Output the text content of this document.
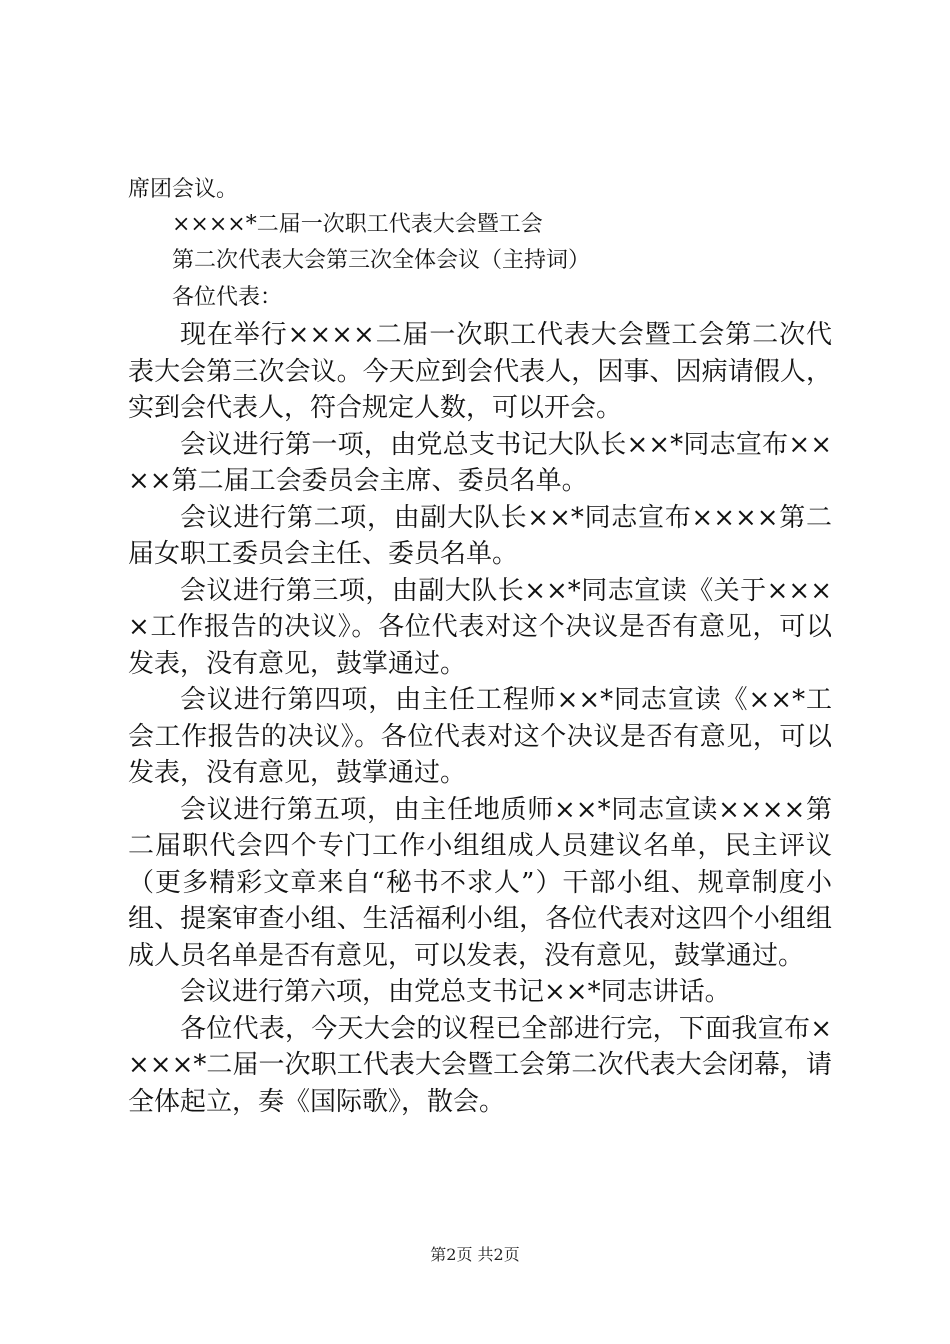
席团会议。
××××*二届一次职工代表大会暨工会
第二次代表大会第三次全体会议（主持词）
各位代表：
现在举行××××二届一次职工代表大会暨工会第二次代
表大会第三次会议。今天应到会代表人，因事、因病请假人，
实到会代表人，符合规定人数，可以开会。
会议进行第一项，由党总支书记大队长××*同志宣布××
××第二届工会委员会主席、委员名单。
会议进行第二项，由副大队长××*同志宣布××××第二
届女职工委员会主任、委员名单。
会议进行第三项，由副大队长××*同志宣读《关于×××
×工作报告的决议》。各位代表对这个决议是否有意见，可以
发表，没有意见，鼓掌通过。
会议进行第四项，由主任工程师××*同志宣读《××*工
会工作报告的决议》。各位代表对这个决议是否有意见，可以
发表，没有意见，鼓掌通过。
会议进行第五项，由主任地质师××*同志宣读××××第
二届职代会四个专门工作小组组成人员建议名单，民主评议
（更多精彩文章来自“秘书不求人”）干部小组、规章制度小
组、提案审查小组、生活福利小组，各位代表对这四个小组组
成人员名单是否有意见，可以发表，没有意见，鼓掌通过。
会议进行第六项，由党总支书记××*同志讲话。
各位代表，今天大会的议程已全部进行完，下面我宣布×
×××*二届一次职工代表大会暨工会第二次代表大会闭幕，请
全体起立，奏《国际歌》，散会。
第2页 共2页
